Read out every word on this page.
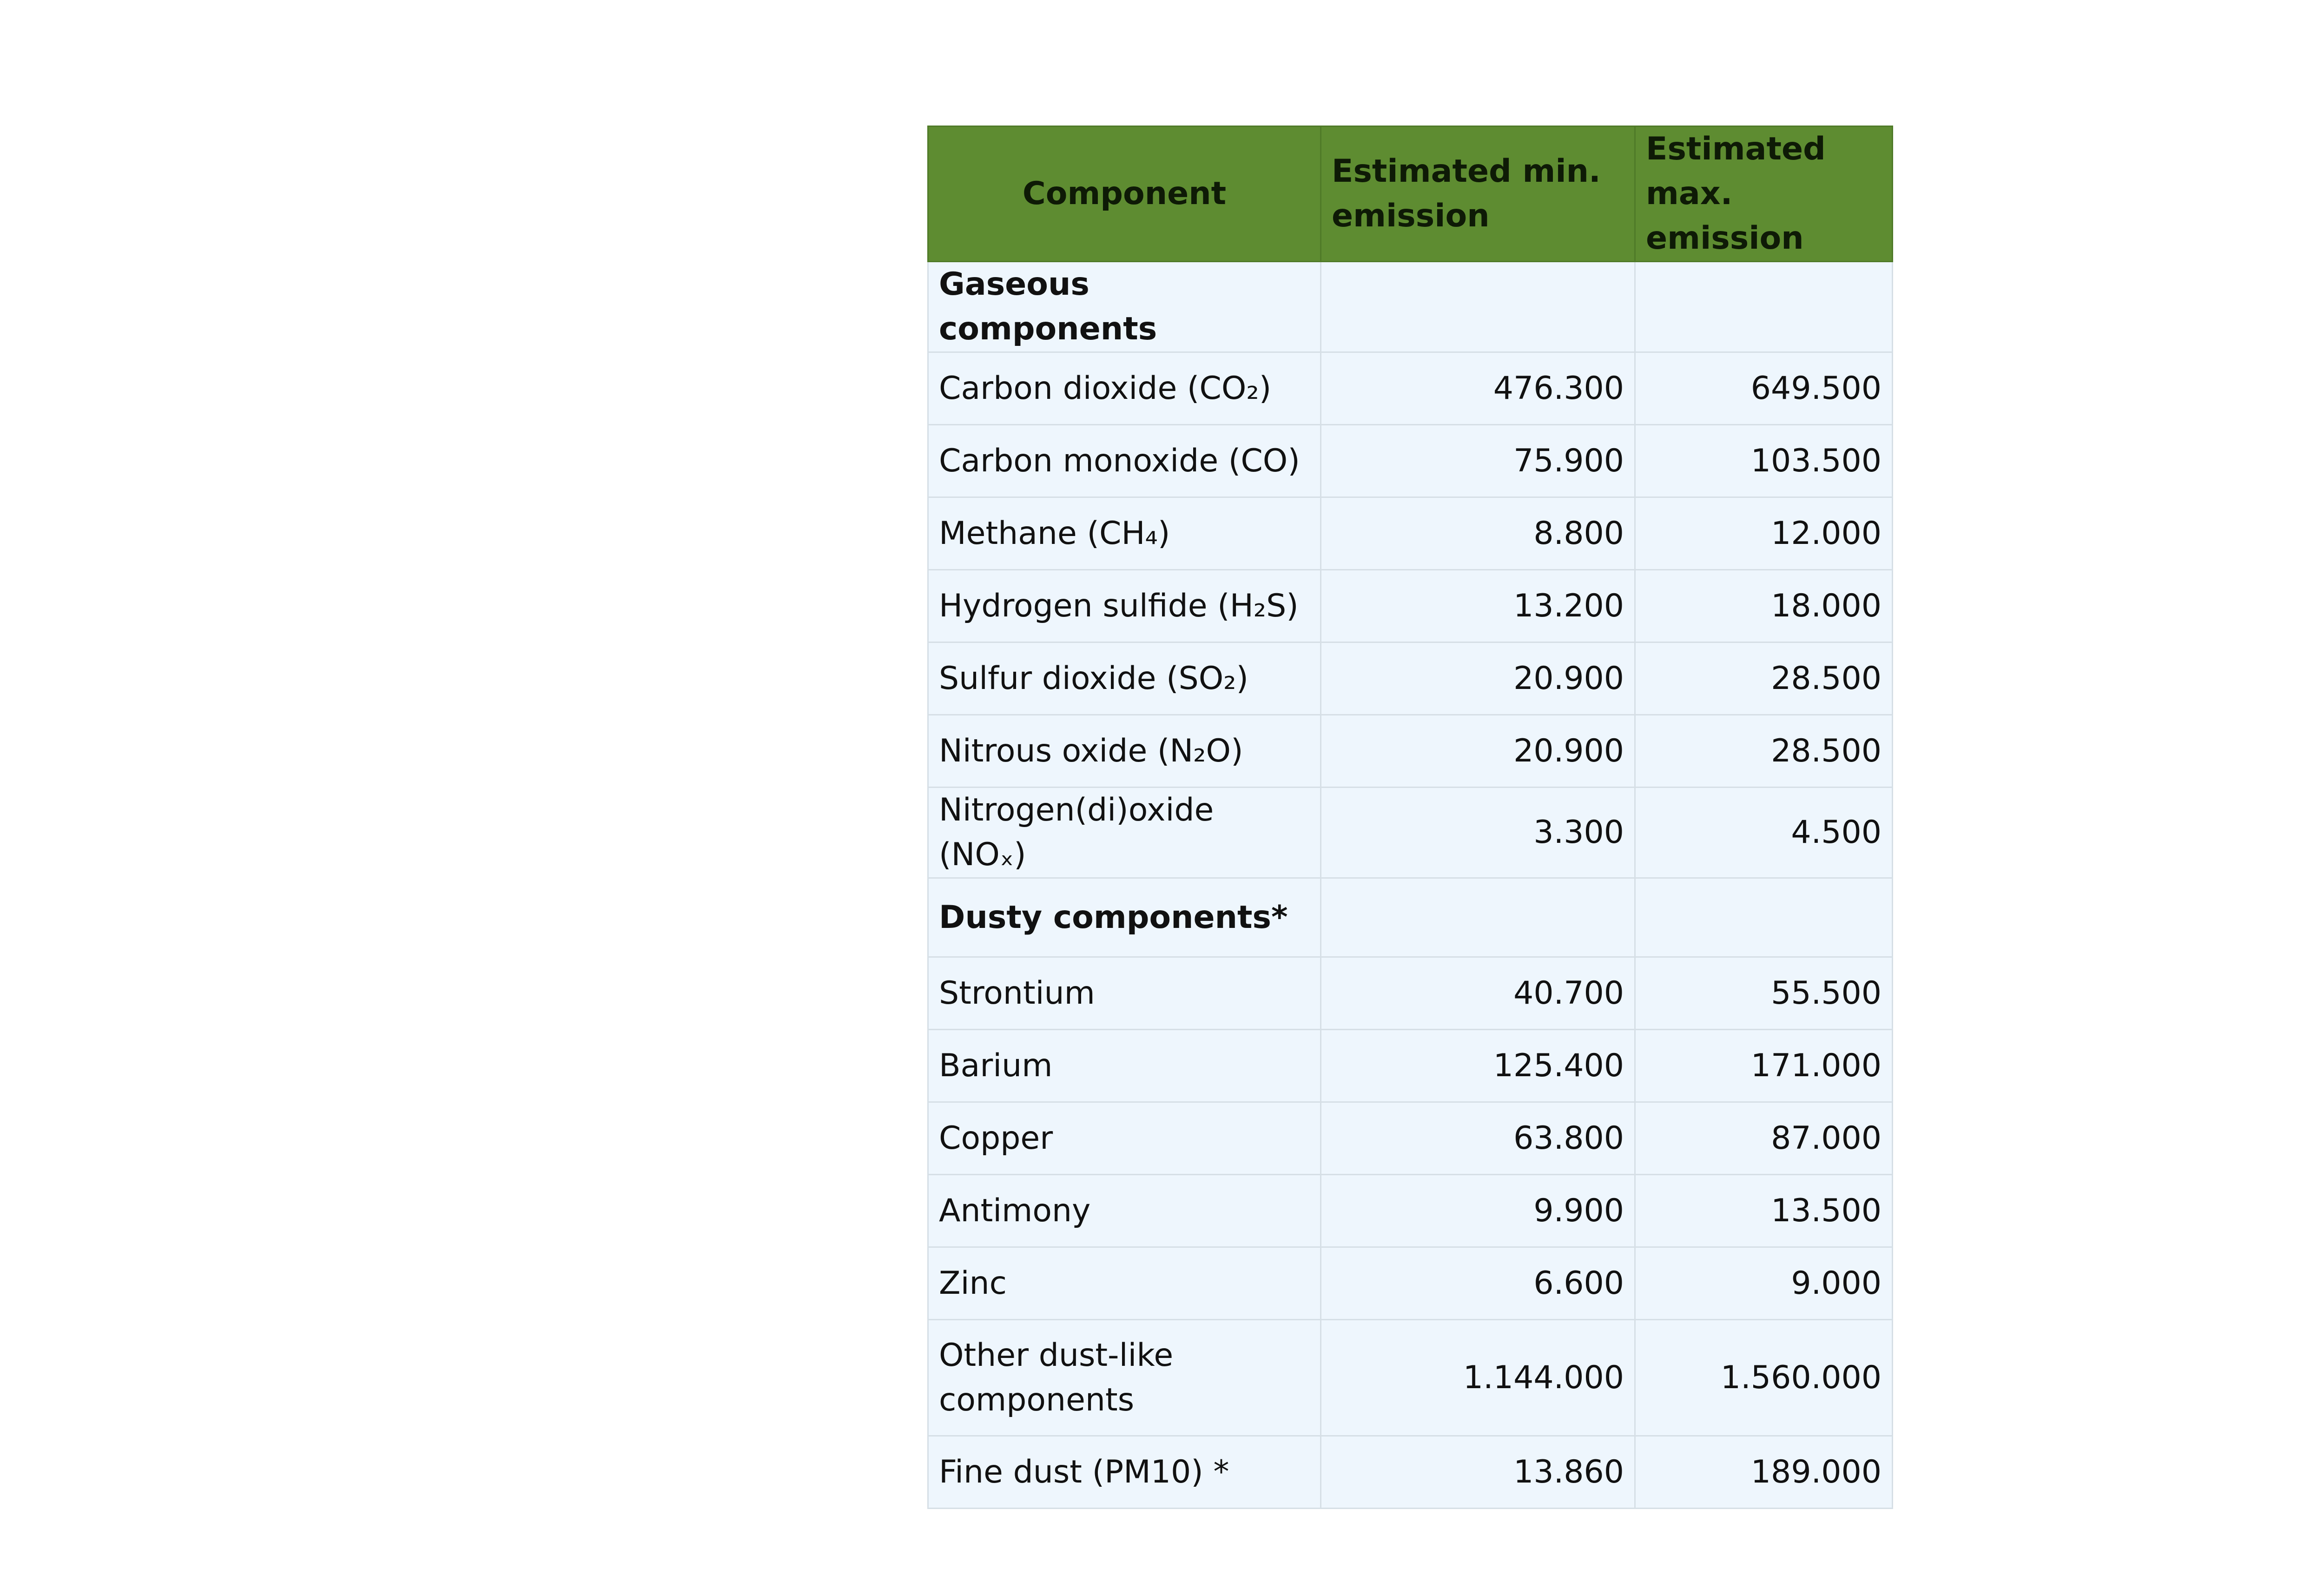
Component	Estimated min. emission	Estimated max. emission
Gaseous components		
Carbon dioxide (CO₂)	476.300	649.500
Carbon monoxide (CO)	75.900	103.500
Methane (CH₄)	8.800	12.000
Hydrogen sulfide (H₂S)	13.200	18.000
Sulfur dioxide (SO₂)	20.900	28.500
Nitrous oxide (N₂O)	20.900	28.500
Nitrogen(di)oxide (NOₓ)	3.300	4.500
Dusty components*		
Strontium	40.700	55.500
Barium	125.400	171.000
Copper	63.800	87.000
Antimony	9.900	13.500
Zinc	6.600	9.000
Other dust-like components	1.144.000	1.560.000
Fine dust (PM10) *	13.860	189.000
